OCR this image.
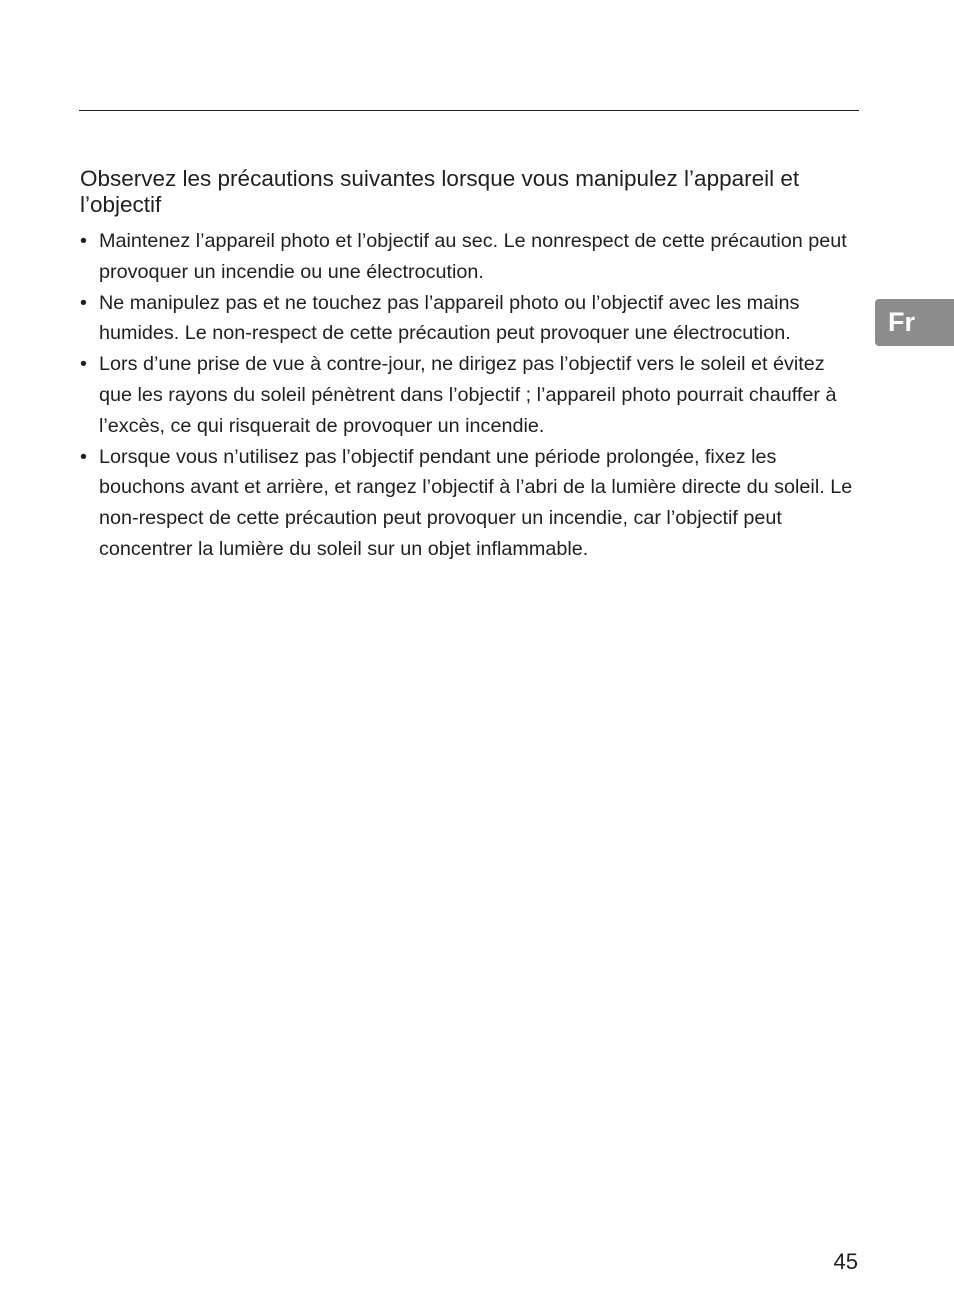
Observez les précautions suivantes lorsque vous manipulez l’appareil et l’objectif
• Maintenez l’appareil photo et l’objectif au sec. Le nonrespect de cette précaution peut provoquer un incendie ou une électrocution.
• Ne manipulez pas et ne touchez pas l’appareil photo ou l’objectif avec les mains humides. Le non-respect de cette précaution peut provoquer une électrocution.
• Lors d’une prise de vue à contre-jour, ne dirigez pas l’objectif vers le soleil et évitez que les rayons du soleil pénètrent dans l’objectif ; l’appareil photo pourrait chauffer à l’excès, ce qui risquerait de provoquer un incendie.
• Lorsque vous n’utilisez pas l’objectif pendant une période prolongée, fixez les bouchons avant et arrière, et rangez l’objectif à l’abri de la lumière directe du soleil. Le non-respect de cette précaution peut provoquer un incendie, car l’objectif peut concentrer la lumière du soleil sur un objet inflammable.
Fr
45
